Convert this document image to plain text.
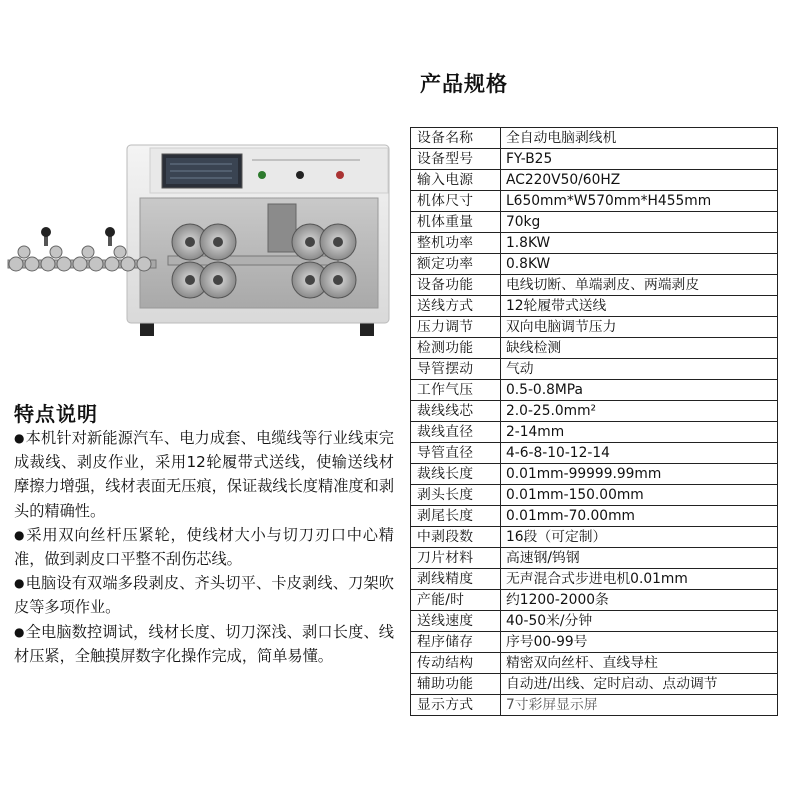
产品规格
设备名称	全自动电脑剥线机
设备型号	FY-B25
输入电源	AC220V50/60HZ
机体尺寸	L650mm*W570mm*H455mm
机体重量	70kg
整机功率	1.8KW
额定功率	0.8KW
设备功能	电线切断、单端剥皮、两端剥皮
送线方式	12轮履带式送线
压力调节	双向电脑调节压力
检测功能	缺线检测
导管摆动	气动
工作气压	0.5-0.8MPa
裁线线芯	2.0-25.0mm²
裁线直径	2-14mm
导管直径	4-6-8-10-12-14
裁线长度	0.01mm-99999.99mm
剥头长度	0.01mm-150.00mm
剥尾长度	0.01mm-70.00mm
中剥段数	16段（可定制）
刀片材料	高速钢/钨钢
剥线精度	无声混合式步进电机0.01mm
产能/时	约1200-2000条
送线速度	40-50米/分钟
程序储存	序号00-99号
传动结构	精密双向丝杆、直线导柱
辅助功能	自动进/出线、定时启动、点动调节
显示方式	7寸彩屏显示屏
特点说明
● 本机针对新能源汽车、电力成套、电缆线等行业线束完成裁线、剥皮作业，采用12轮履带式送线，使输送线材摩擦力增强，线材表面无压痕，保证裁线长度精准度和剥头的精确性。
● 采用双向丝杆压紧轮，使线材大小与切刀刃口中心精准，做到剥皮口平整不刮伤芯线。
● 电脑设有双端多段剥皮、齐头切平、卡皮剥线、刀架吹皮等多项作业。
● 全电脑数控调试，线材长度、切刀深浅、剥口长度、线材压紧，全触摸屏数字化操作完成，简单易懂。
